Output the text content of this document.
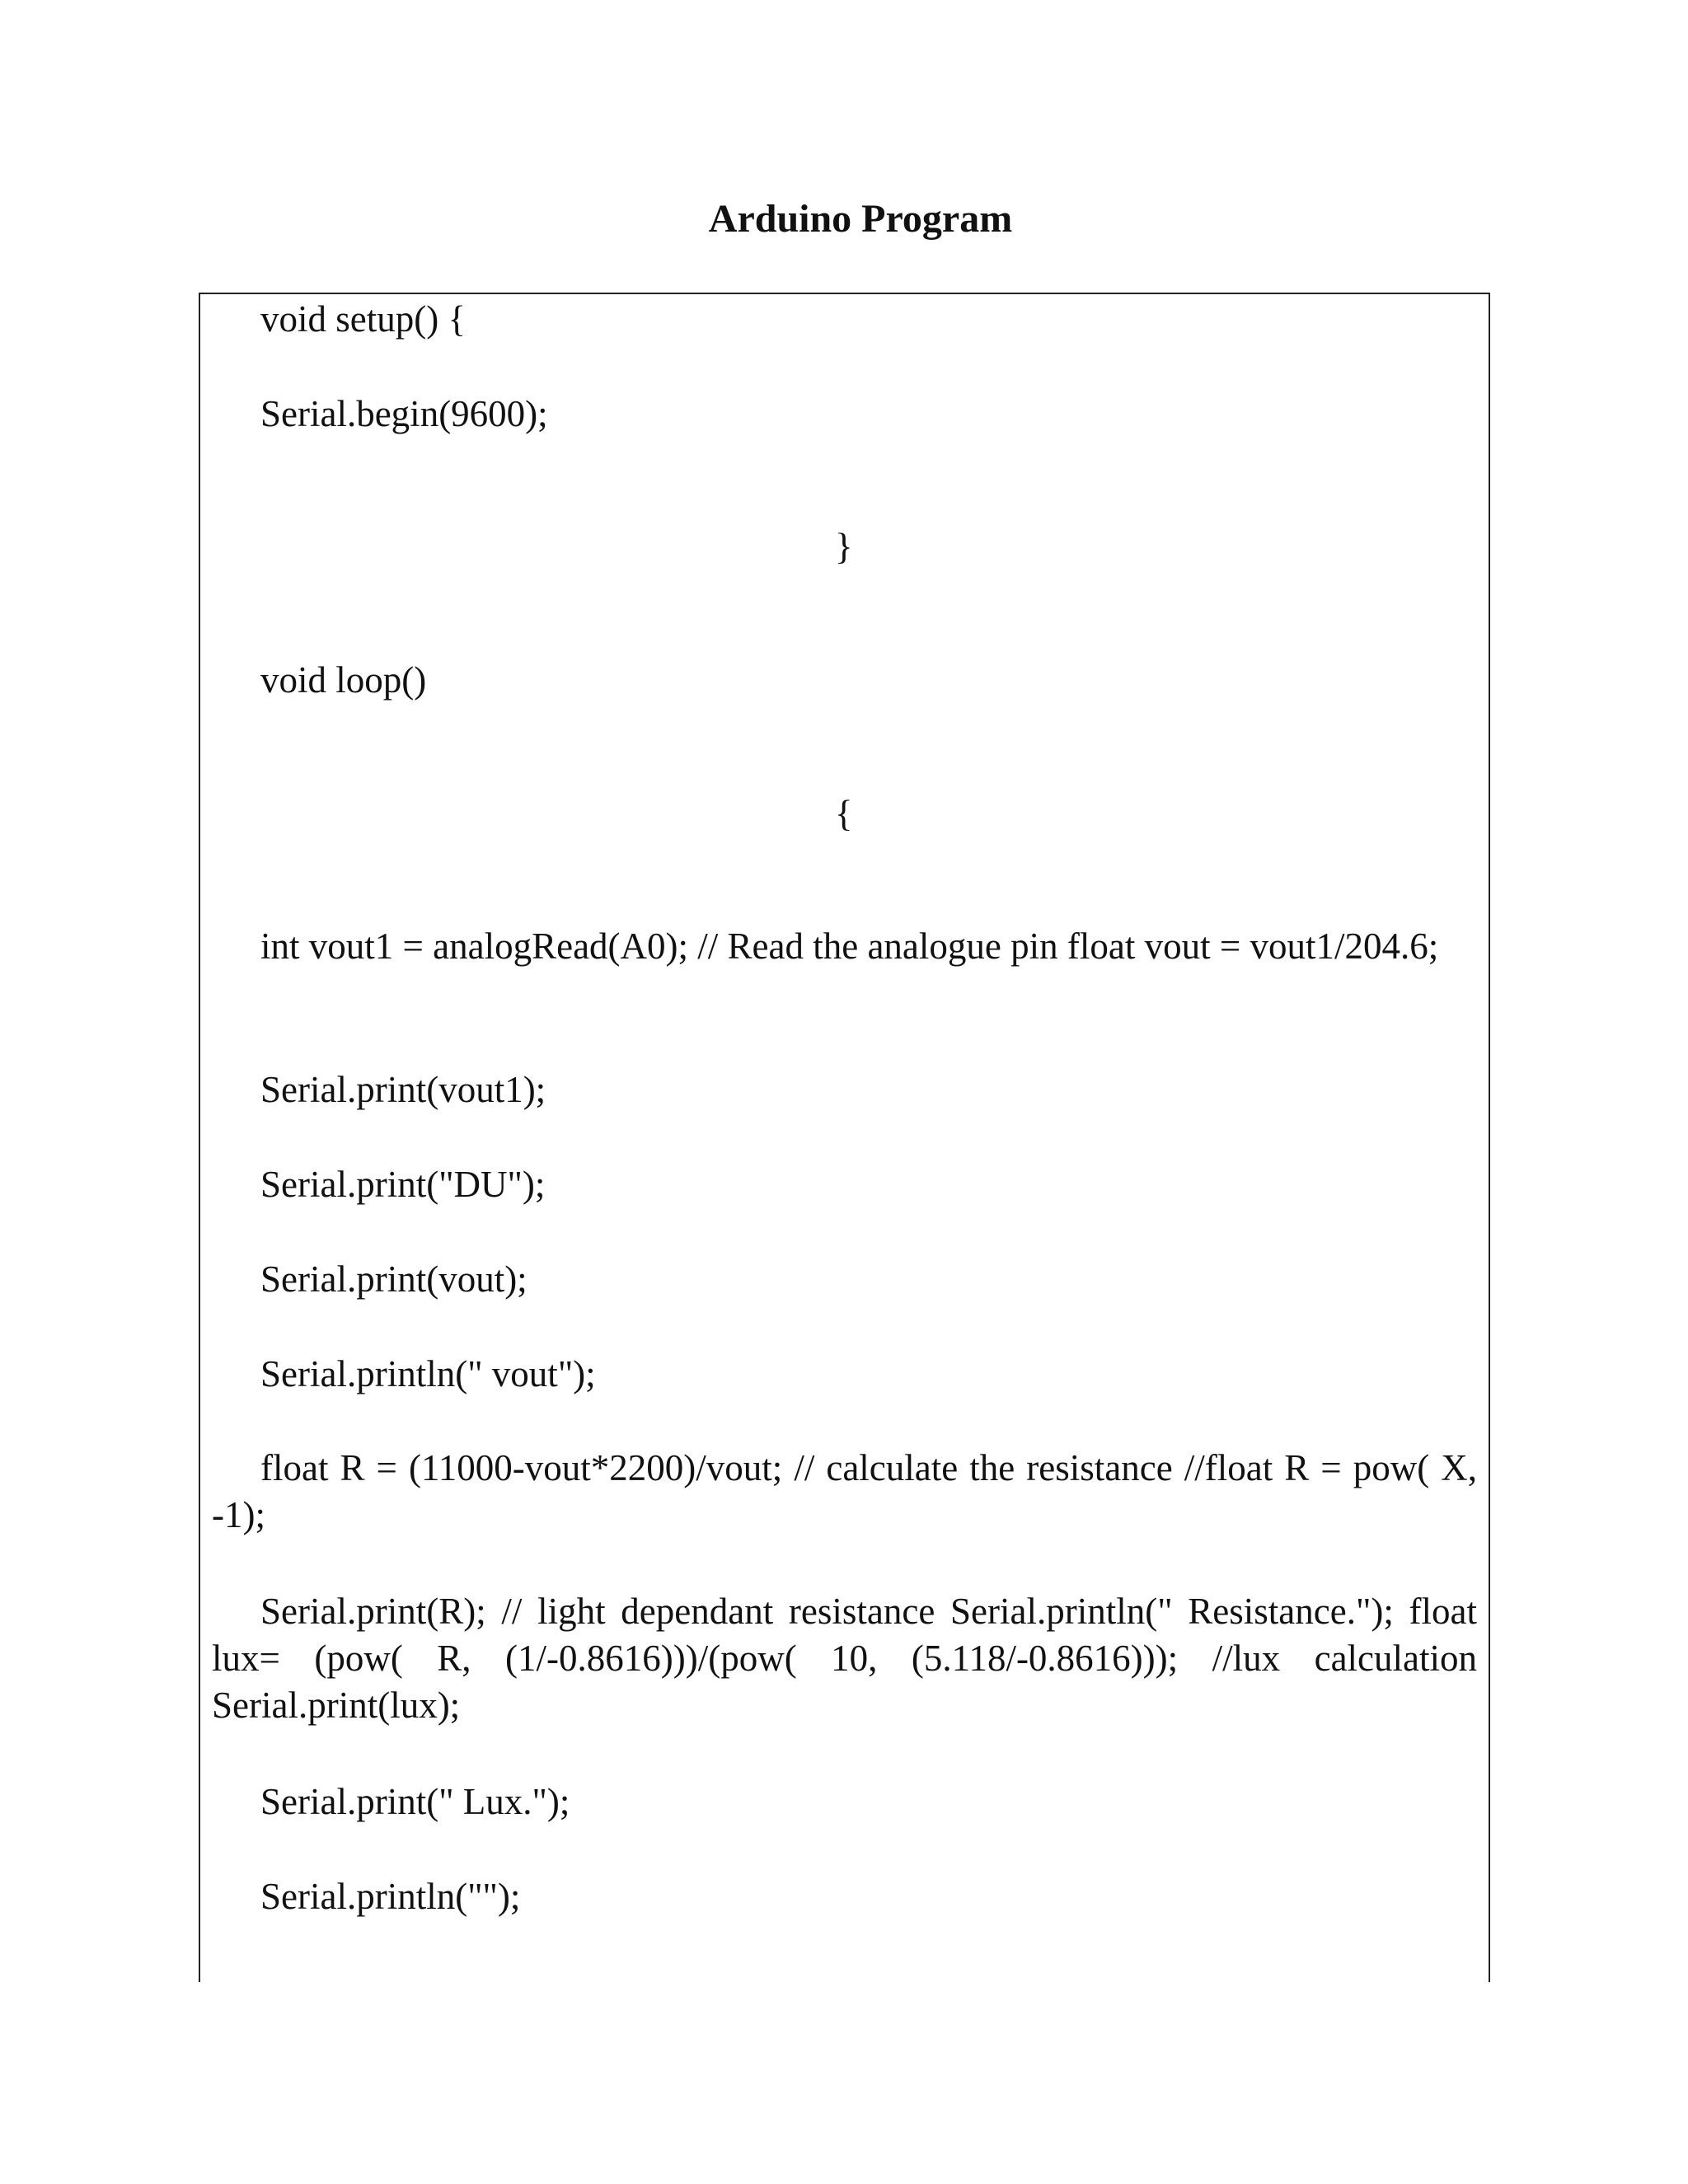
Arduino Program

void setup() {

Serial.begin(9600);

}

void loop()

{

int vout1 = analogRead(A0); // Read the analogue pin float vout = vout1/204.6;

Serial.print(vout1);

Serial.print("DU");

Serial.print(vout);

Serial.println(" vout");

float R = (11000-vout*2200)/vout; // calculate the resistance //float R = pow( X, -1);

Serial.print(R); // light dependant resistance Serial.println(" Resistance."); float lux= (pow( R, (1/-0.8616)))/(pow( 10, (5.118/-0.8616))); //lux calculation Serial.print(lux);

Serial.print(" Lux.");

Serial.println("");
